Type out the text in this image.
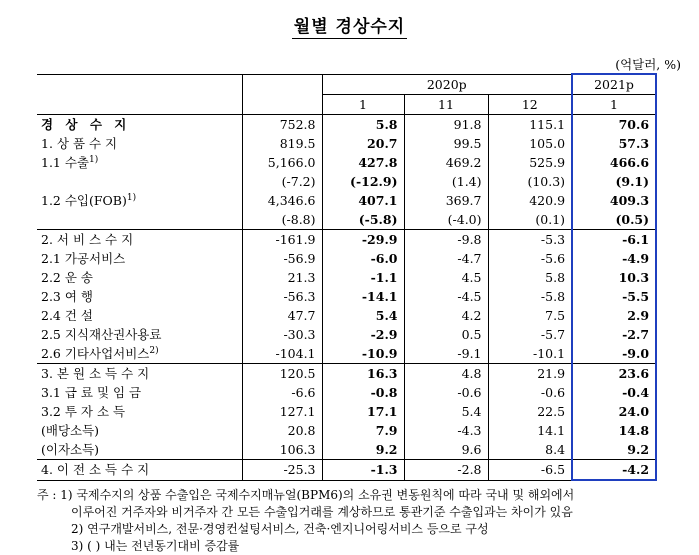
월별 경상수지
(억달러, %)
		2020p			2021p
		1	11	12	1
경 상 수 지	752.8	5.8	91.8	115.1	70.6
1. 상 품 수 지	819.5	20.7	99.5	105.0	57.3
1.1 수출$^{1)}$	5,166.0	427.8	469.2	525.9	466.6
	(-7.2)	(-12.9)	(1.4)	(10.3)	(9.1)
1.2 수입(FOB)$^{1)}$	4,346.6	407.1	369.7	420.9	409.3
	(-8.8)	(-5.8)	(-4.0)	(0.1)	(0.5)
2. 서 비 스 수 지	-161.9	-29.9	-9.8	-5.3	-6.1
2.1 가공서비스	-56.9	-6.0	-4.7	-5.6	-4.9
2.2 운 송	21.3	-1.1	4.5	5.8	10.3
2.3 여 행	-56.3	-14.1	-4.5	-5.8	-5.5
2.4 건 설	47.7	5.4	4.2	7.5	2.9
2.5 지식재산권사용료	-30.3	-2.9	0.5	-5.7	-2.7
2.6 기타사업서비스$^{2)}$	-104.1	-10.9	-9.1	-10.1	-9.0
3. 본 원 소 득 수 지	120.5	16.3	4.8	21.9	23.6
3.1 급 료 및 임 금	-6.6	-0.8	-0.6	-0.6	-0.4
3.2 투 자 소 득	127.1	17.1	5.4	22.5	24.0
(배당소득)	20.8	7.9	-4.3	14.1	14.8
(이자소득)	106.3	9.2	9.6	8.4	9.2
4. 이 전 소 득 수 지	-25.3	-1.3	-2.8	-6.5	-4.2
주 : 1) 국제수지의 상품 수출입은 국제수지매뉴얼(BPM6)의 소유권 변동원칙에 따라 국내 및 해외에서
이루어진 거주자와 비거주자 간 모든 수출입거래를 계상하므로 통관기준 수출입과는 차이가 있음
2) 연구개발서비스, 전문·경영컨설팅서비스, 건축·엔지니어링서비스 등으로 구성
3) ( ) 내는 전년동기대비 증감률
